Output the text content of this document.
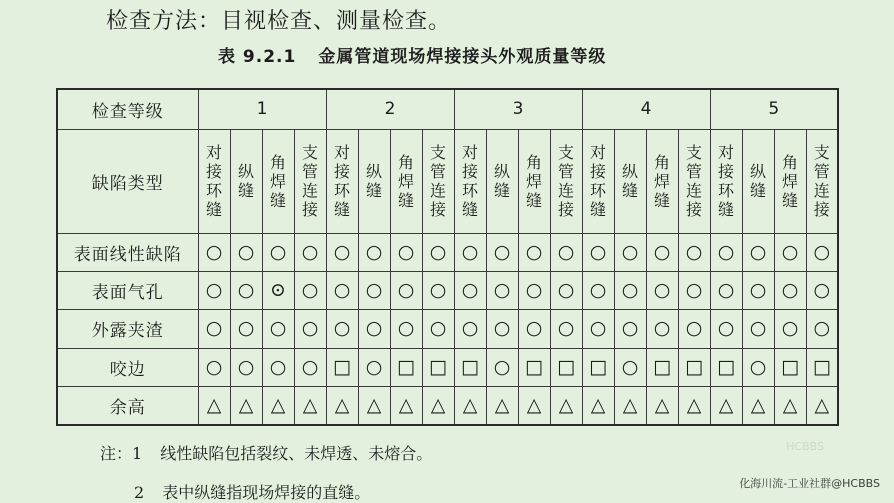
检查方法：目视检查、测量检查。
表 9.2.1 金属管道现场焊接接头外观质量等级
检查等级	1				2				3				4				5			
缺陷类型	对接环缝	纵缝	角焊缝	支管连接	对接环缝	纵缝	角焊缝	支管连接	对接环缝	纵缝	角焊缝	支管连接	对接环缝	纵缝	角焊缝	支管连接	对接环缝	纵缝	角焊缝	支管连接
表面线性缺陷	○	○	○	○	○	○	○	○	○	○	○	○	○	○	○	○	○	○	○	○
表面气孔	○	○	⊙	○	○	○	○	○	○	○	○	○	○	○	○	○	○	○	○	○
外露夹渣	○	○	○	○	○	○	○	○	○	○	○	○	○	○	○	○	○	○	○	○
咬边	○	○	○	○	□	○	□	□	□	○	□	□	□	○	□	□	□	○	□	□
余高	△	△	△	△	△	△	△	△	△	△	△	△	△	△	△	△	△	△	△	△
注：1 线性缺陷包括裂纹、未焊透、未熔合。
2 表中纵缝指现场焊接的直缝。
HCBBS
化海川流-工业社群@HCBBS
